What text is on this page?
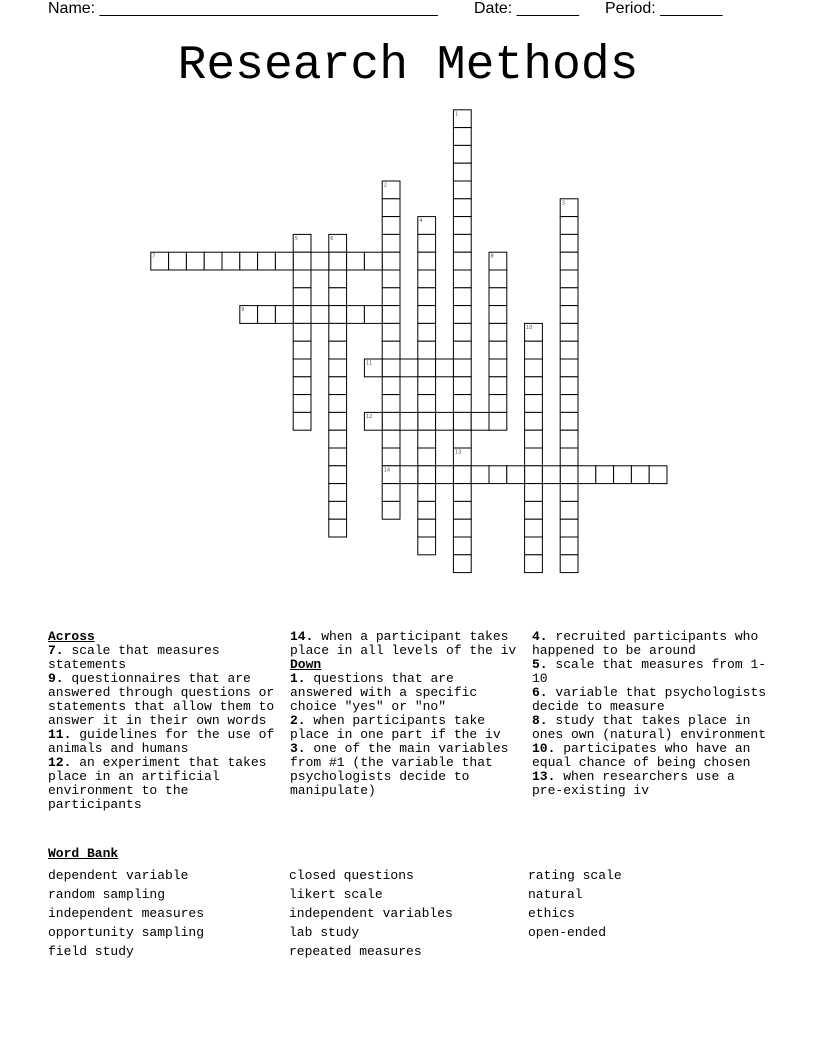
Name: ______________________________________ Date: _______ Period: _______
Research Methods
1
2
3
4
5	6
7	8
9
10
11
12
13
14
Across
7. scale that measures statements
9. questionnaires that are answered through questions or statements that allow them to answer it in their own words
11. guidelines for the use of animals and humans
12. an experiment that takes place in an artificial environment to the participants
14. when a participant takes place in all levels of the iv
Down
1. questions that are answered with a specific choice "yes" or "no"
2. when participants take place in one part if the iv
3. one of the main variables from #1 (the variable that psychologists decide to manipulate)
4. recruited participants who happened to be around
5. scale that measures from 1-10
6. variable that psychologists decide to measure
8. study that takes place in ones own (natural) environment
10. participates who have an equal chance of being chosen
13. when researchers use a pre-existing iv
Word Bank
dependent variable
random sampling
independent measures
opportunity sampling
field study
closed questions
likert scale
independent variables
lab study
repeated measures
rating scale
natural
ethics
open-ended
